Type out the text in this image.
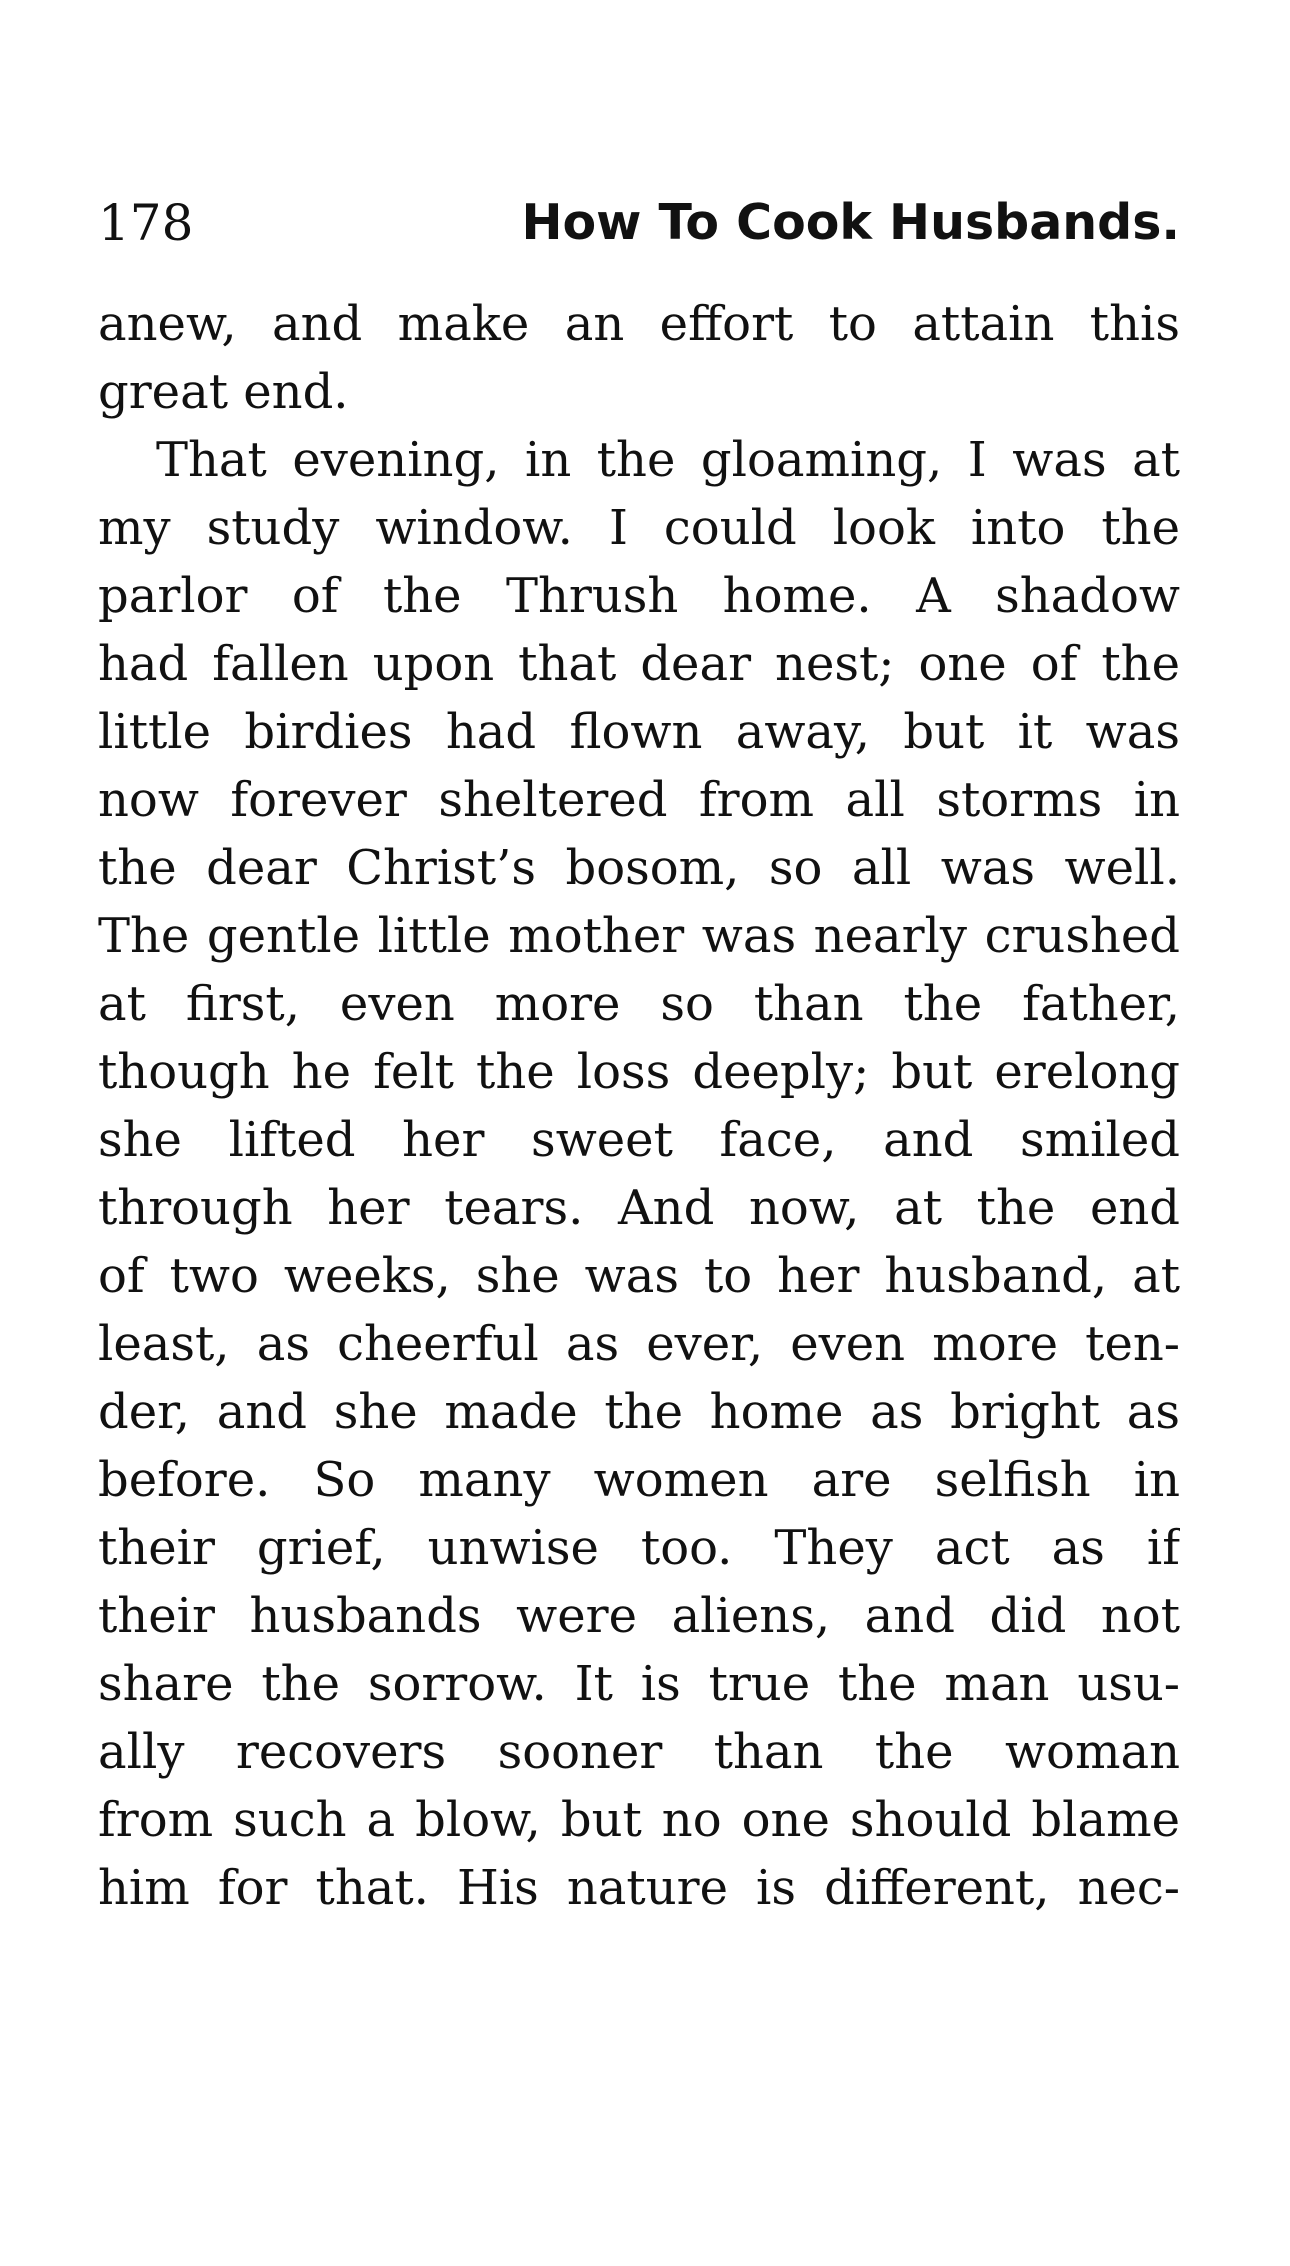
178	How To Cook Husbands.
anew, and make an effort to attain this
great end.
That evening, in the gloaming, I was at
my study window. I could look into the
parlor of the Thrush home. A shadow
had fallen upon that dear nest; one of the
little birdies had flown away, but it was
now forever sheltered from all storms in
the dear Christ’s bosom, so all was well.
The gentle little mother was nearly crushed
at first, even more so than the father,
though he felt the loss deeply; but erelong
she lifted her sweet face, and smiled
through her tears. And now, at the end
of two weeks, she was to her husband, at
least, as cheerful as ever, even more ten-
der, and she made the home as bright as
before. So many women are selfish in
their grief, unwise too. They act as if
their husbands were aliens, and did not
share the sorrow. It is true the man usu-
ally recovers sooner than the woman
from such a blow, but no one should blame
him for that. His nature is different, nec-
